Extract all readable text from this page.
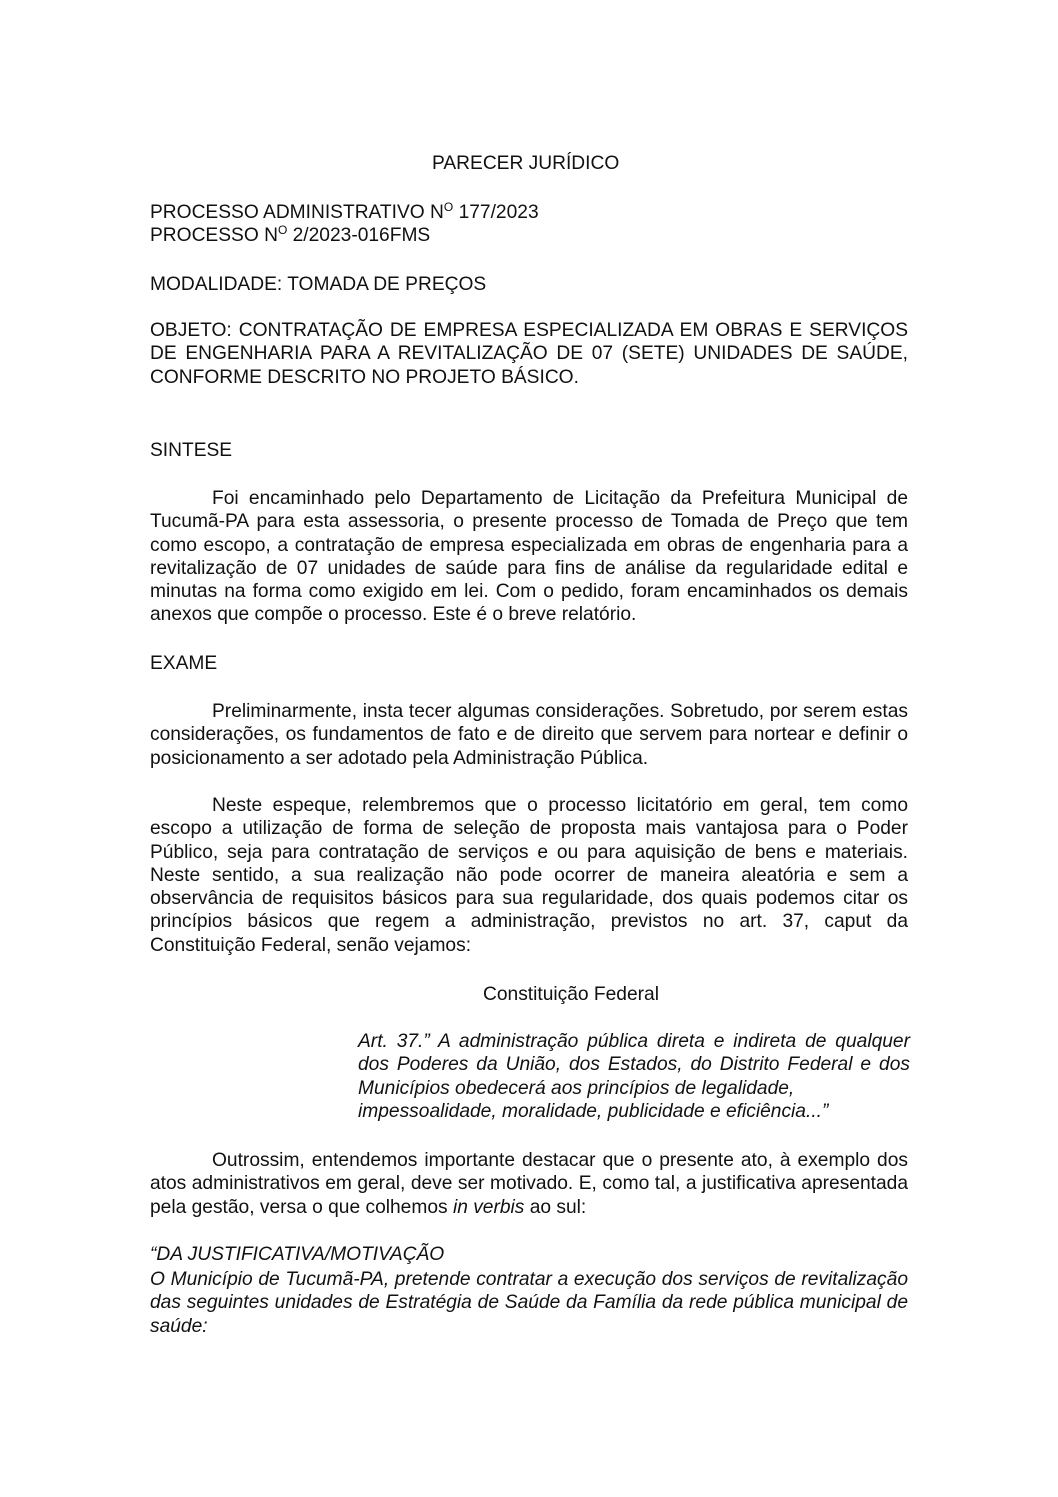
PARECER JURÍDICO
PROCESSO ADMINISTRATIVO $N^O$ 177/2023
PROCESSO $N^O$ 2/2023-016FMS
MODALIDADE: TOMADA DE PREÇOS

OBJETO: CONTRATAÇÃO DE EMPRESA ESPECIALIZADA EM OBRAS E SERVIÇOS DE ENGENHARIA PARA A REVITALIZAÇÃO DE 07 (SETE) UNIDADES DE SAÚDE, CONFORME DESCRITO NO PROJETO BÁSICO.

SINTESE

Foi encaminhado pelo Departamento de Licitação da Prefeitura Municipal de Tucumã-PA para esta assessoria, o presente processo de Tomada de Preço que tem como escopo, a contratação de empresa especializada em obras de engenharia para a revitalização de 07 unidades de saúde para fins de análise da regularidade edital e minutas na forma como exigido em lei. Com o pedido, foram encaminhados os demais anexos que compõe o processo. Este é o breve relatório.

EXAME

Preliminarmente, insta tecer algumas considerações. Sobretudo, por serem estas considerações, os fundamentos de fato e de direito que servem para nortear e definir o posicionamento a ser adotado pela Administração Pública.

Neste espeque, relembremos que o processo licitatório em geral, tem como escopo a utilização de forma de seleção de proposta mais vantajosa para o Poder Público, seja para contratação de serviços e ou para aquisição de bens e materiais. Neste sentido, a sua realização não pode ocorrer de maneira aleatória e sem a observância de requisitos básicos para sua regularidade, dos quais podemos citar os princípios básicos que regem a administração, previstos no art. 37, caput da Constituição Federal, senão vejamos:

Constituição Federal
Art. 37.” A administração pública direta e indireta de qualquer
dos Poderes da União, dos Estados, do Distrito Federal e dos
Municípios obedecerá aos princípios de legalidade,
impessoalidade, moralidade, publicidade e eficiência...”

Outrossim, entendemos importante destacar que o presente ato, à exemplo dos atos administrativos em geral, deve ser motivado. E, como tal, a justificativa apresentada pela gestão, versa o que colhemos in verbis ao sul:

“DA JUSTIFICATIVA/MOTIVAÇÃO

O Município de Tucumã-PA, pretende contratar a execução dos serviços de revitalização das seguintes unidades de Estratégia de Saúde da Família da rede pública municipal de saúde:
